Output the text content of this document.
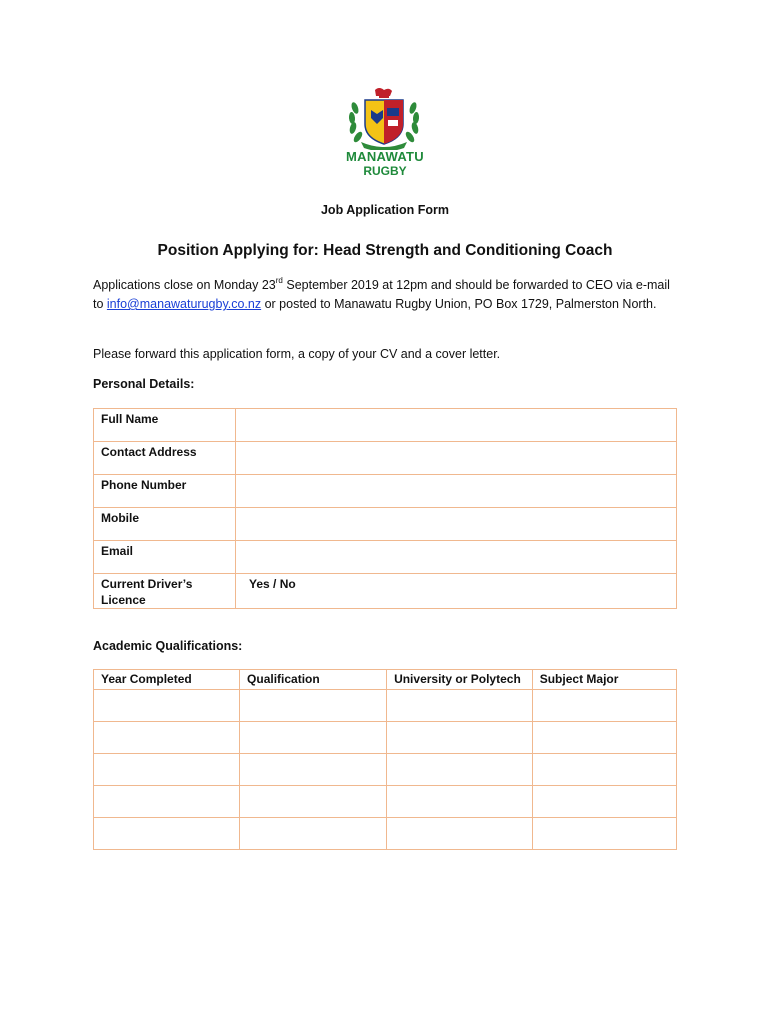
MANAWATU
RUGBY
Job Application Form
Position Applying for: Head Strength and Conditioning Coach
Applications close on Monday 23rd September 2019 at 12pm and should be forwarded to CEO via e-mail to info@manawaturugby.co.nz or posted to Manawatu Rugby Union, PO Box 1729, Palmerston North.
Please forward this application form, a copy of your CV and a cover letter.
Personal Details:
Full Name	
Contact Address	
Phone Number	
Mobile	
Email	
Current Driver’s Licence	Yes / No
Academic Qualifications:
Year Completed	Qualification	University or Polytech	Subject Major
